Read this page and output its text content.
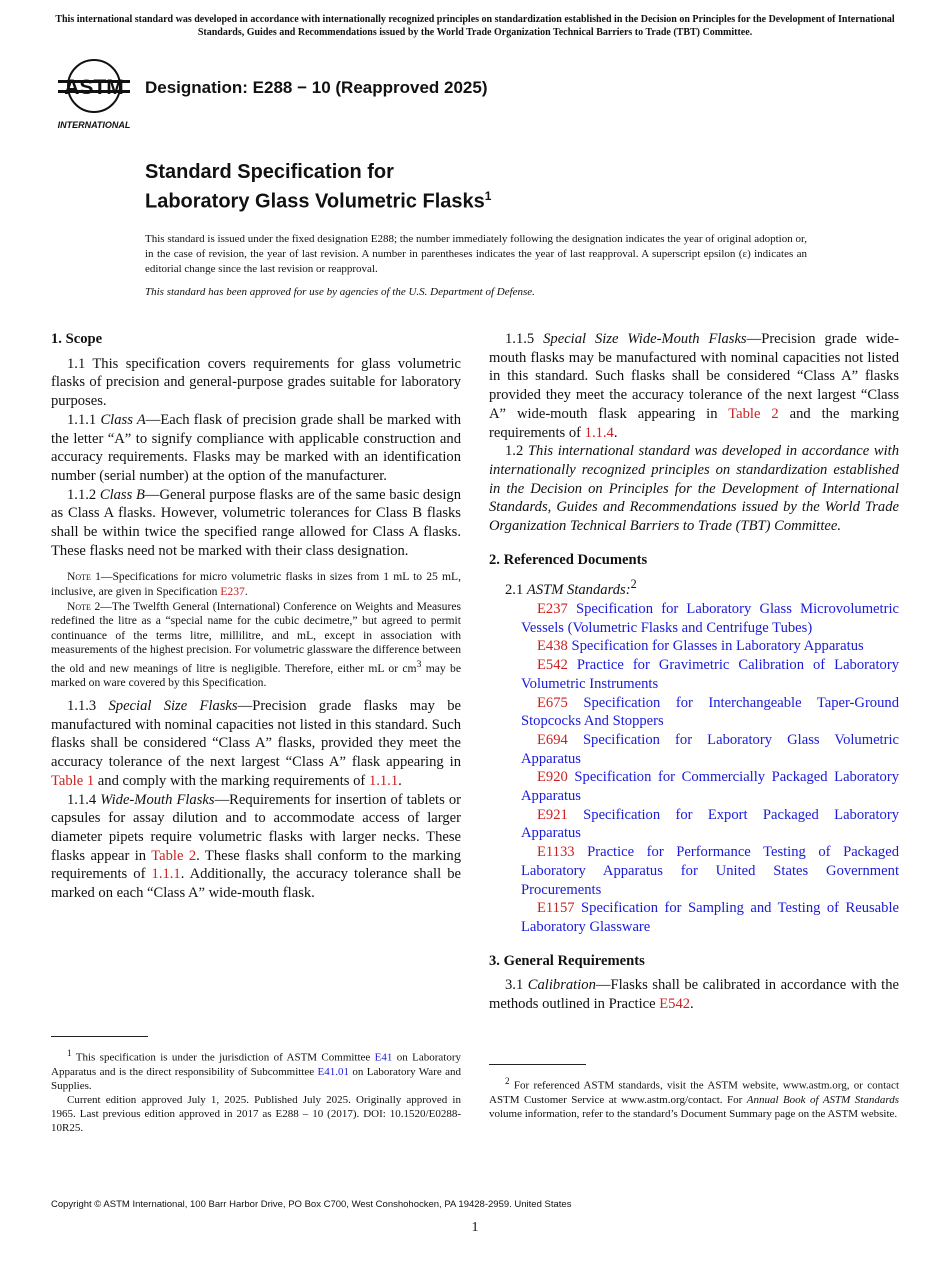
This international standard was developed in accordance with internationally recognized principles on standardization established in the Decision on Principles for the Development of International Standards, Guides and Recommendations issued by the World Trade Organization Technical Barriers to Trade (TBT) Committee.
ASTM
INTERNATIONAL
Designation: E288 − 10 (Reapproved 2025)
Standard Specification for
Laboratory Glass Volumetric Flasks$^1$
This standard is issued under the fixed designation E288; the number immediately following the designation indicates the year of original adoption or, in the case of revision, the year of last revision. A number in parentheses indicates the year of last reapproval. A superscript epsilon (ε) indicates an editorial change since the last revision or reapproval.
This standard has been approved for use by agencies of the U.S. Department of Defense.
1. Scope

1.1 This specification covers requirements for glass volumetric flasks of precision and general-purpose grades suitable for laboratory purposes.

1.1.1 Class A—Each flask of precision grade shall be marked with the letter “A” to signify compliance with applicable construction and accuracy requirements. Flasks may be marked with an identification number (serial number) at the option of the manufacturer.

1.1.2 Class B—General purpose flasks are of the same basic design as Class A flasks. However, volumetric tolerances for Class B flasks shall be within twice the specified range allowed for Class A flasks. These flasks need not be marked with their class designation.

Note 1—Specifications for micro volumetric flasks in sizes from 1 mL to 25 mL, inclusive, are given in Specification E237.

Note 2—The Twelfth General (International) Conference on Weights and Measures redefined the litre as a “special name for the cubic decimetre,” but agreed to permit continuance of the terms litre, millilitre, and mL, except in association with measurements of the highest precision. For volumetric glassware the difference between the old and new meanings of litre is negligible. Therefore, either mL or $cm^3$ may be marked on ware covered by this Specification.

1.1.3 Special Size Flasks—Precision grade flasks may be manufactured with nominal capacities not listed in this standard. Such flasks shall be considered “Class A” flasks, provided they meet the accuracy tolerance of the next largest “Class A” flask appearing in Table 1 and comply with the marking requirements of 1.1.1.

1.1.4 Wide-Mouth Flasks—Requirements for insertion of tablets or capsules for assay dilution and to accommodate access of larger diameter pipets require volumetric flasks with larger necks. These flasks appear in Table 2. These flasks shall conform to the marking requirements of 1.1.1. Additionally, the accuracy tolerance shall be marked on each “Class A” wide-mouth flask.

$^1$ This specification is under the jurisdiction of ASTM Committee E41 on Laboratory Apparatus and is the direct responsibility of Subcommittee E41.01 on Laboratory Ware and Supplies.

Current edition approved July 1, 2025. Published July 2025. Originally approved in 1965. Last previous edition approved in 2017 as E288 – 10 (2017). DOI: 10.1520/E0288-10R25.

1.1.5 Special Size Wide-Mouth Flasks—Precision grade wide-mouth flasks may be manufactured with nominal capacities not listed in this standard. Such flasks shall be considered “Class A” flasks provided they meet the accuracy tolerance of the next largest “Class A” wide-mouth flask appearing in Table 2 and the marking requirements of 1.1.4.

1.2 This international standard was developed in accordance with internationally recognized principles on standardization established in the Decision on Principles for the Development of International Standards, Guides and Recommendations issued by the World Trade Organization Technical Barriers to Trade (TBT) Committee.

2. Referenced Documents

2.1 ASTM Standards:$^2$

E237 Specification for Laboratory Glass Microvolumetric Vessels (Volumetric Flasks and Centrifuge Tubes)

E438 Specification for Glasses in Laboratory Apparatus

E542 Practice for Gravimetric Calibration of Laboratory Volumetric Instruments

E675 Specification for Interchangeable Taper-Ground Stopcocks And Stoppers

E694 Specification for Laboratory Glass Volumetric Apparatus

E920 Specification for Commercially Packaged Laboratory Apparatus

E921 Specification for Export Packaged Laboratory Apparatus

E1133 Practice for Performance Testing of Packaged Laboratory Apparatus for United States Government Procurements

E1157 Specification for Sampling and Testing of Reusable Laboratory Glassware

3. General Requirements

3.1 Calibration—Flasks shall be calibrated in accordance with the methods outlined in Practice E542.

$^2$ For referenced ASTM standards, visit the ASTM website, www.astm.org, or contact ASTM Customer Service at www.astm.org/contact. For Annual Book of ASTM Standards volume information, refer to the standard’s Document Summary page on the ASTM website.

Copyright © ASTM International, 100 Barr Harbor Drive, PO Box C700, West Conshohocken, PA 19428-2959. United States
1
